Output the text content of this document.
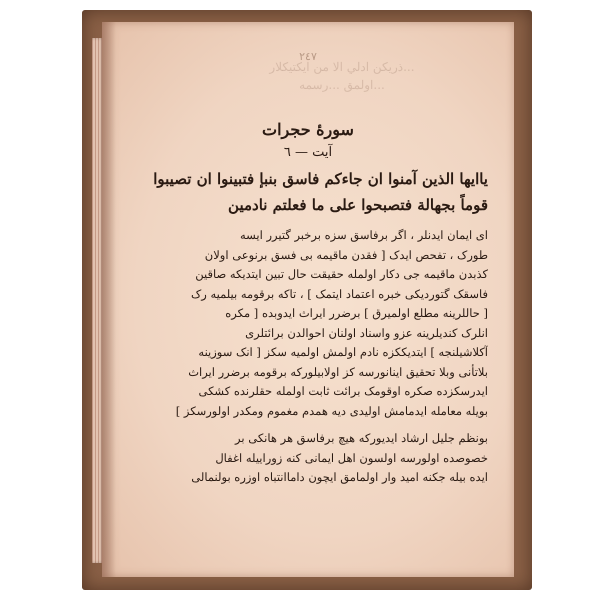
٢٤٧
...ذریكن ادلي الا من ايكتيكلار
...اولمق ...رسمه
سورهٔ حجرات
آیت — ٦
یاایها الذین آمنوا ان جاءکم فاسق بنبإ فتبینوا ان تصیبوا
قوماً بجهالة فتصبحوا علی ما فعلتم نادمین
ای ایمان ایدنلر ، اگر برفاسق سزه برخبر گتیرر ایسه
طورک ، تفحص ایدک [ فقدن ماقیمه بی فسق برنوعی اولان
کذبدن ماقیمه جی دکار اولمله حقیقت حال تبین ایتدیکه صاقین
فاسقک گتوردیکی خبره اعتماد ایتمک ] ، تاکه برقومه بیلمیه رک
[ حاللرینه مطلع اولمیرق ] برضرر ایراث ایدوبده [ مکره
انلرک کندیلرینه عزو واسناد اولنان احوالدن برائتلری
آکلاشیلنجه ] ایتدیککزه نادم اولمش اولمیه سکز [ انک سوزینه
بلاتأنی وبلا تحقیق اینانورسه کز اولابیلورکه برقومه برضرر ایراث
ایدرسکزده صکره اوقومک برائت ثابت اولمله حقلرنده کشکی
بویله معامله ایدمامش اولیدی دیه همدم مغموم ومکدر اولورسکز ]
بونظم جلیل ارشاد ایدیورکه هیچ برفاسق هر هانکی بر
خصوصده اولورسه اولسون اهل ایمانی کنه زوراییله اغفال
ایده بیله جکنه امید وار اولمامق ایچون داماانتباه اوزره بولنمالی
